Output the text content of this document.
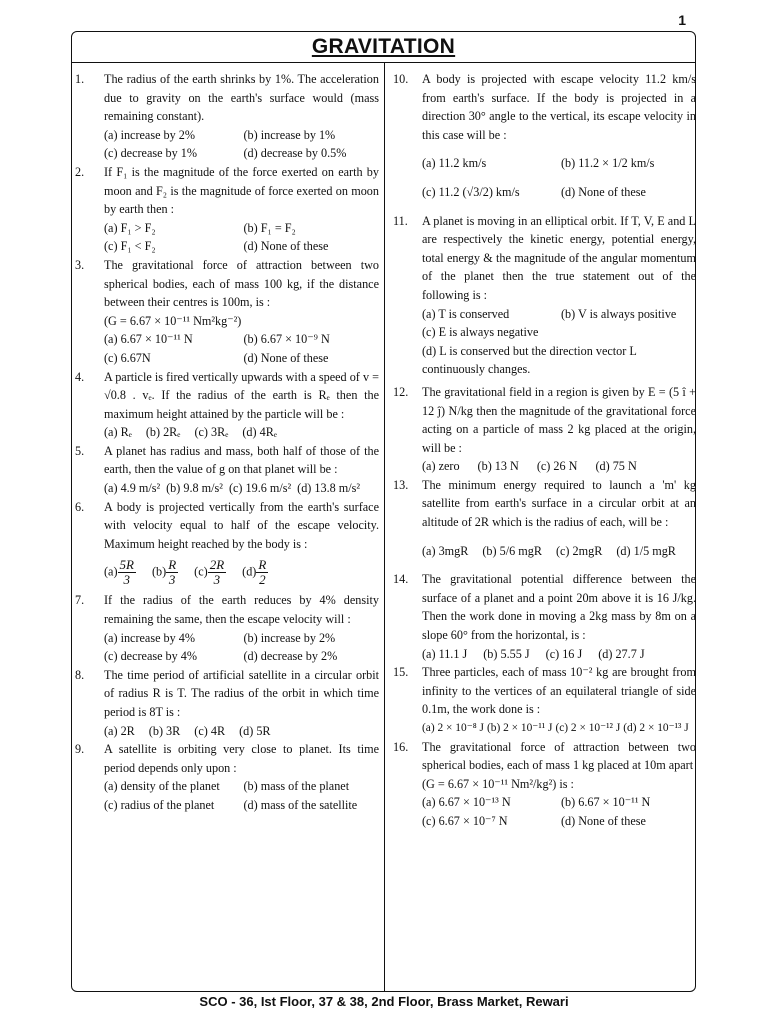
1
GRAVITATION
1. The radius of the earth shrinks by 1%. The acceleration due to gravity on the earth's surface would (mass remaining constant).
(a) increase by 2%	(b) increase by 1%
(c) decrease by 1%	(d) decrease by 0.5%
2. If F₁ is the magnitude of the force exerted on earth by moon and F₂ is the magnitude of force exerted on moon by earth then :
(a) F₁ > F₂	(b) F₁ = F₂
(c) F₁ < F₂	(d) None of these
3. The gravitational force of attraction between two spherical bodies, each of mass 100 kg, if the distance between their centres is 100m, is :
(G = 6.67 × 10⁻¹¹ Nm²kg⁻²)
(a) 6.67 × 10⁻¹¹ N	(b) 6.67 × 10⁻⁹ N
(c) 6.67N	(d) None of these
4. A particle is fired vertically upwards with a speed of v = √0.8 . vₑ. If the radius of the earth is Rₑ then the maximum height attained by the particle will be :
(a) Rₑ (b) 2Rₑ (c) 3Rₑ (d) 4Rₑ
5. A planet has radius and mass, both half of those of the earth, then the value of g on that planet will be :
(a) 4.9 m/s² (b) 9.8 m/s² (c) 19.6 m/s² (d) 13.8 m/s²
6. A body is projected vertically from the earth's surface with velocity equal to half of the escape velocity. Maximum height reached by the body is :
$(a) \frac{5R}{3} (b) \frac{R}{3} (c) \frac{2R}{3} (d) \frac{R}{2}$
7. If the radius of the earth reduces by 4% density remaining the same, then the escape velocity will :
(a) increase by 4%	(b) increase by 2%
(c) decrease by 4%	(d) decrease by 2%
8. The time period of artificial satellite in a circular orbit of radius R is T. The radius of the orbit in which time period is 8T is :
(a) 2R (b) 3R (c) 4R (d) 5R
9. A satellite is orbiting very close to planet. Its time period depends only upon :
(a) density of the planet	(b) mass of the planet
(c) radius of the planet	(d) mass of the satellite
10. A body is projected with escape velocity 11.2 km/s from earth's surface. If the body is projected in a direction 30° angle to the vertical, its escape velocity in this case will be :
(a) 11.2 km/s	(b) 11.2 × 1/2 km/s
(c) 11.2 (√3/2) km/s	(d) None of these
11. A planet is moving in an elliptical orbit. If T, V, E and L are respectively the kinetic energy, potential energy, total energy & the magnitude of the angular momentum of the planet then the true statement out of the following is :
(a) T is conserved	(b) V is always positive
(c) E is always negative
(d) L is conserved but the direction vector L continuously changes.
12. The gravitational field in a region is given by E = (5 î + 12 ĵ) N/kg then the magnitude of the gravitational force acting on a particle of mass 2 kg placed at the origin, will be :
(a) zero (b) 13 N (c) 26 N (d) 75 N
13. The minimum energy required to launch a 'm' kg satellite from earth's surface in a circular orbit at an altitude of 2R which is the radius of each, will be :
(a) 3mgR (b) 5/6 mgR (c) 2mgR (d) 1/5 mgR
14. The gravitational potential difference between the surface of a planet and a point 20m above it is 16 J/kg. Then the work done in moving a 2kg mass by 8m on a slope 60° from the horizontal, is :
(a) 11.1 J (b) 5.55 J (c) 16 J (d) 27.7 J
15. Three particles, each of mass 10⁻² kg are brought from infinity to the vertices of an equilateral triangle of side 0.1m, the work done is :
(a) 2 × 10⁻⁸ J (b) 2 × 10⁻¹¹ J (c) 2 × 10⁻¹² J (d) 2 × 10⁻¹³ J
16. The gravitational force of attraction between two spherical bodies, each of mass 1 kg placed at 10m apart
(G = 6.67 × 10⁻¹¹ Nm²/kg²) is :
(a) 6.67 × 10⁻¹³ N	(b) 6.67 × 10⁻¹¹ N
(c) 6.67 × 10⁻⁷ N	(d) None of these
SCO - 36, Ist Floor, 37 & 38, 2nd Floor, Brass Market, Rewari
